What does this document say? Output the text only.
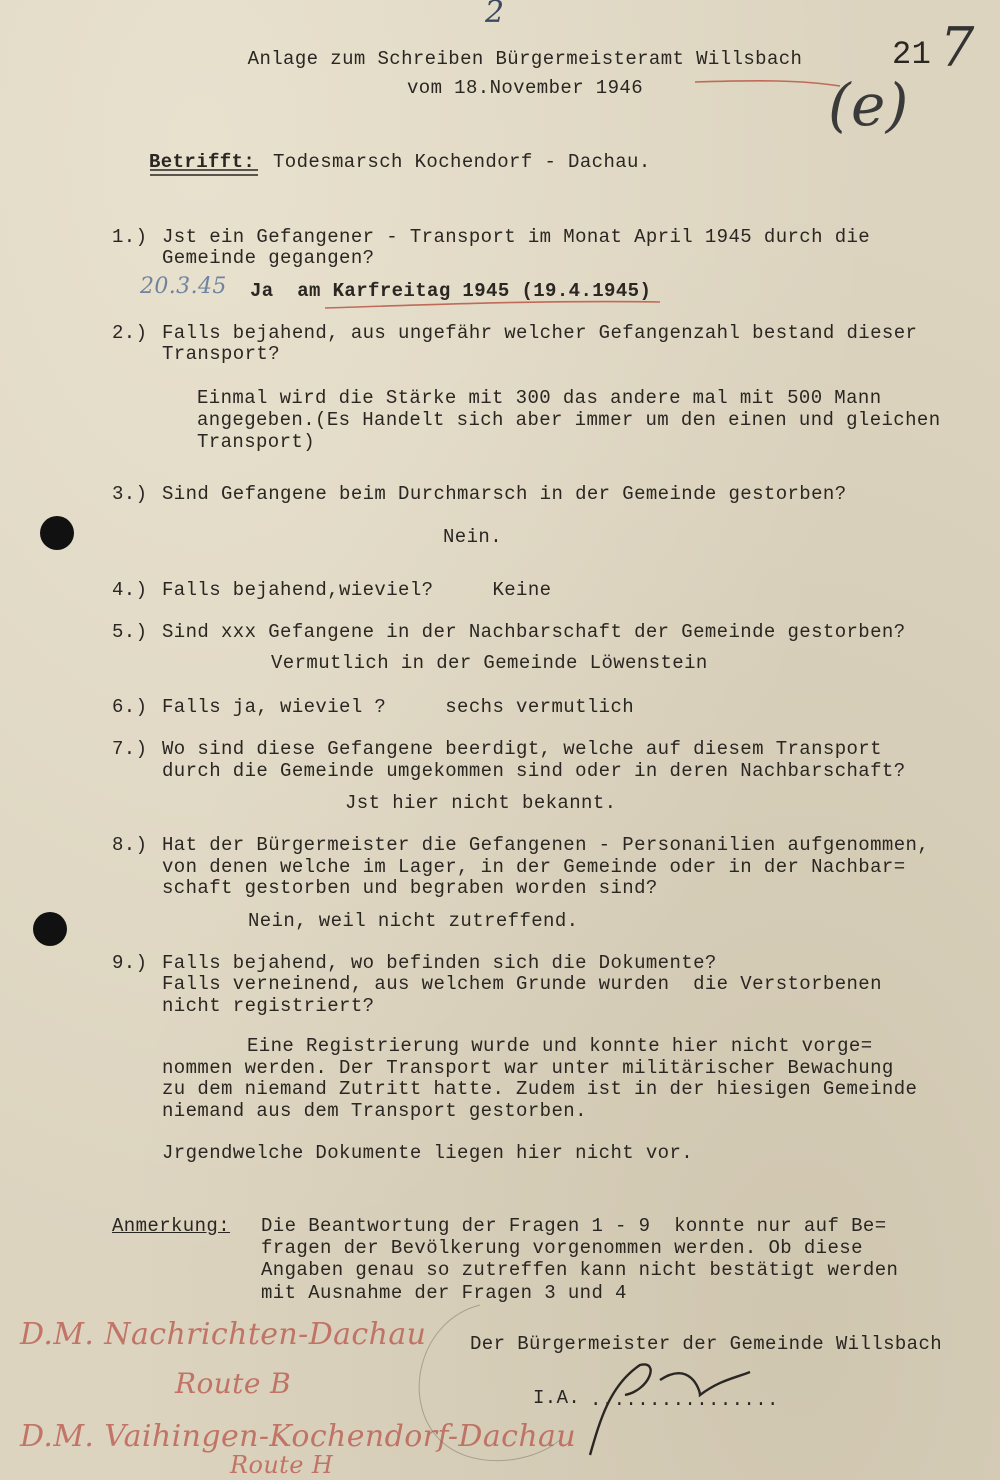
2
Anlage zum Schreiben Bürgermeisteramt Willsbach
vom 18.November 1946
21 7
(e)
Betrifft: Todesmarsch Kochendorf - Dachau.
1.) Jst ein Gefangener - Transport im Monat April 1945 durch die
Gemeinde gegangen?
20.3.45 Ja  am Karfreitag 1945 (19.4.1945)
2.) Falls bejahend, aus ungefähr welcher Gefangenzahl bestand dieser
Transport?
Einmal wird die Stärke mit 300 das andere mal mit 500 Mann
angegeben.(Es Handelt sich aber immer um den einen und gleichen
Transport)
3.) Sind Gefangene beim Durchmarsch in der Gemeinde gestorben?
Nein.
4.) Falls bejahend,wieviel?     Keine
5.) Sind xxx Gefangene in der Nachbarschaft der Gemeinde gestorben?
Vermutlich in der Gemeinde Löwenstein
6.) Falls ja, wieviel ?     sechs vermutlich
7.) Wo sind diese Gefangene beerdigt, welche auf diesem Transport
durch die Gemeinde umgekommen sind oder in deren Nachbarschaft?
Jst hier nicht bekannt.
8.) Hat der Bürgermeister die Gefangenen - Personanilien aufgenommen,
von denen welche im Lager, in der Gemeinde oder in der Nachbar=
schaft gestorben und begraben worden sind?
Nein, weil nicht zutreffend.
9.) Falls bejahend, wo befinden sich die Dokumente?
Falls verneinend, aus welchem Grunde wurden  die Verstorbenen
nicht registriert?
Eine Registrierung wurde und konnte hier nicht vorge=
nommen werden. Der Transport war unter militärischer Bewachung
zu dem niemand Zutritt hatte. Zudem ist in der hiesigen Gemeinde
niemand aus dem Transport gestorben.
Jrgendwelche Dokumente liegen hier nicht vor.
Anmerkung: Die Beantwortung der Fragen 1 - 9  konnte nur auf Be=
fragen der Bevölkerung vorgenommen werden. Ob diese
Angaben genau so zutreffen kann nicht bestätigt werden
mit Ausnahme der Fragen 3 und 4
Der Bürgermeister der Gemeinde Willsbach
I.A. ................
D.M. Nachrichten-Dachau
Route B
D.M. Vaihingen-Kochendorf-Dachau
Route H
